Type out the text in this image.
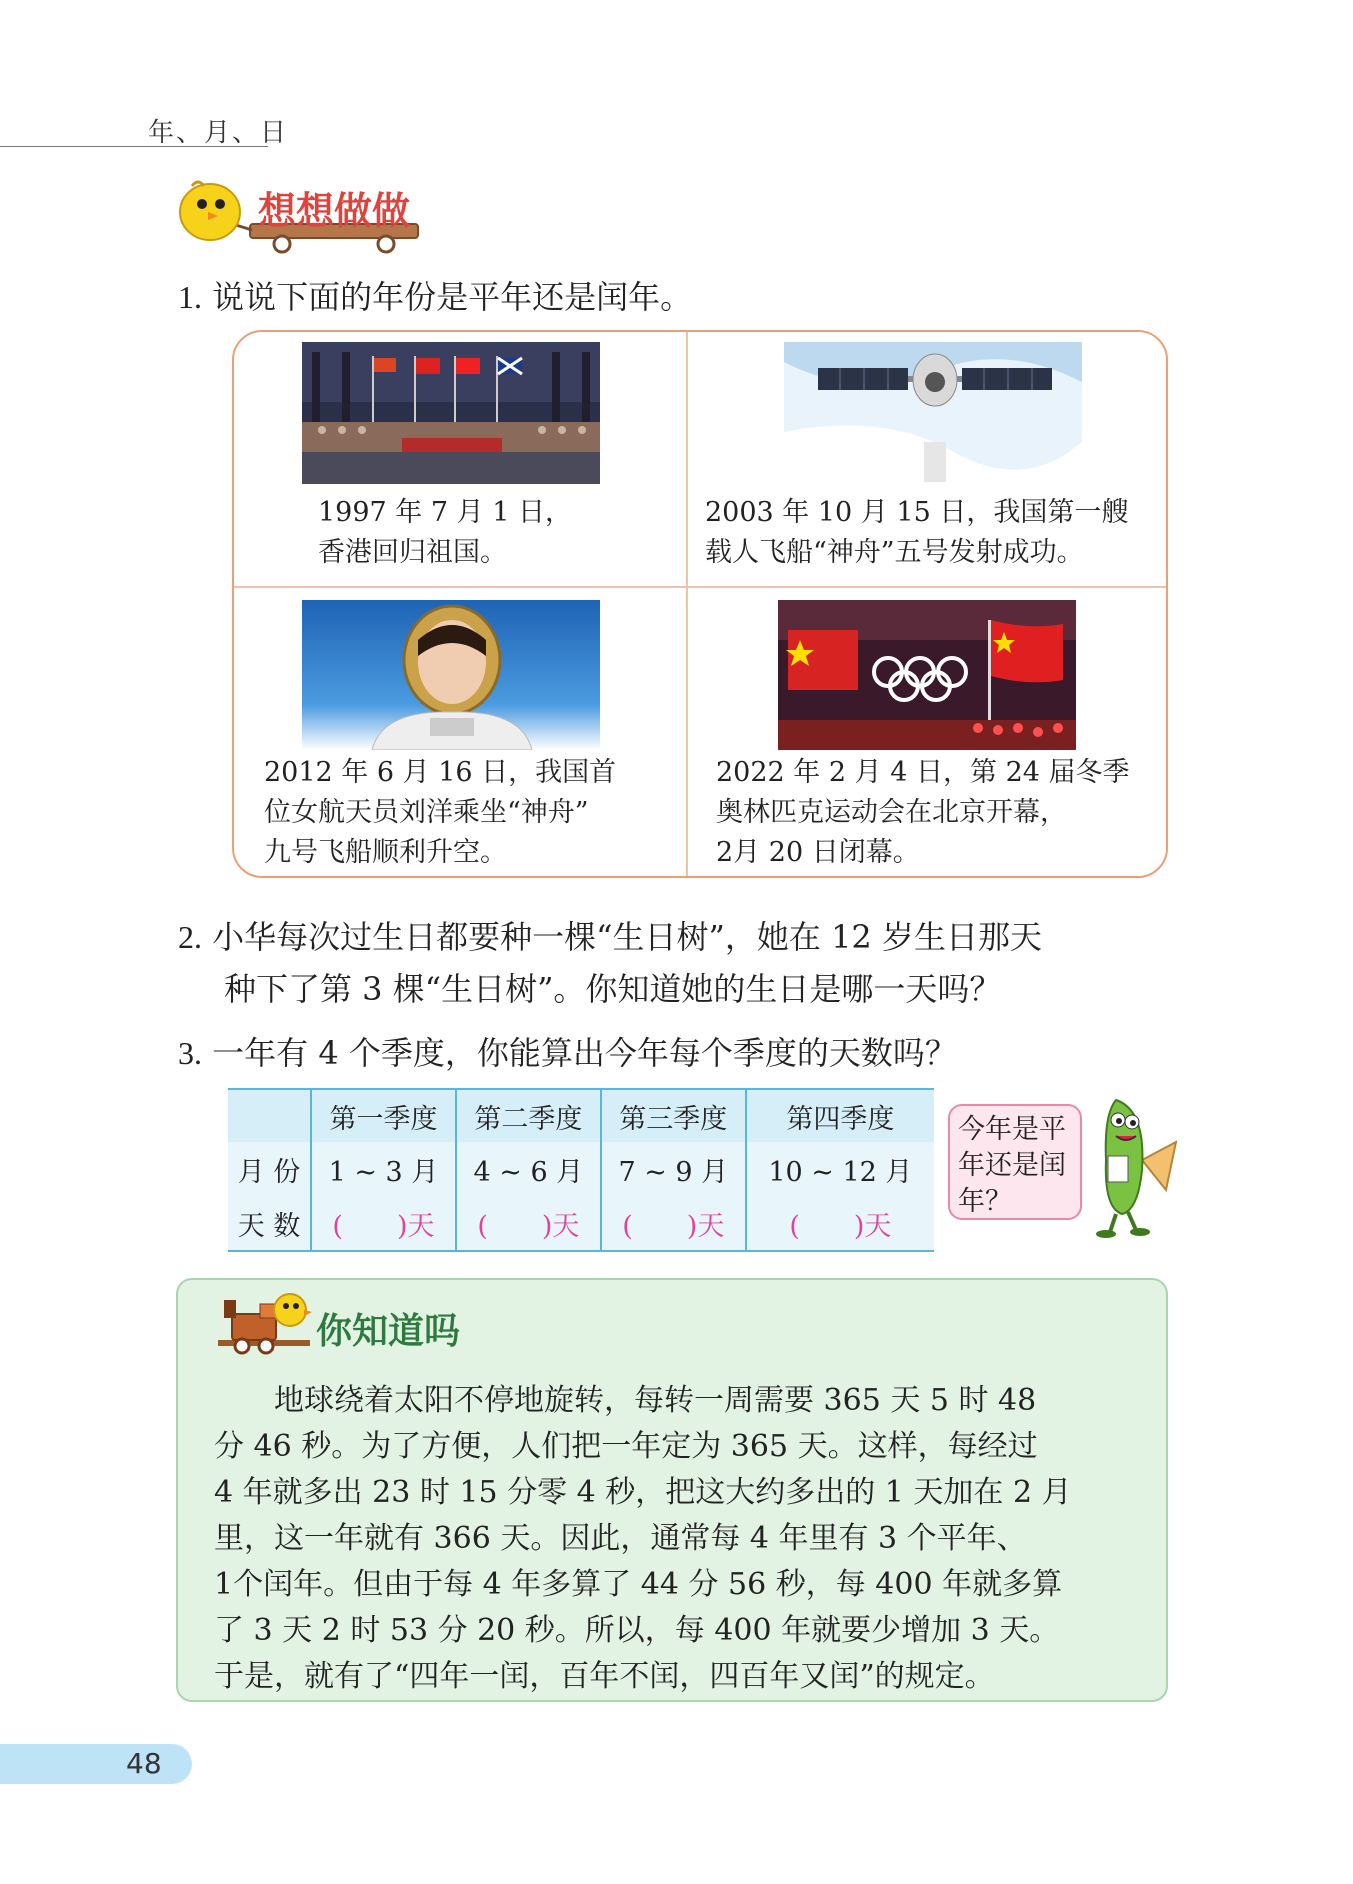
年、月、日
想想做做
1. 说说下面的年份是平年还是闰年。
1997 年 7 月 1 日，
香港回归祖国。
2003 年 10 月 15 日，我国第一艘
载人飞船“神舟”五号发射成功。
2012 年 6 月 16 日，我国首
位女航天员刘洋乘坐“神舟”
九号飞船顺利升空。
2022 年 2 月 4 日，第 24 届冬季
奥林匹克运动会在北京开幕，
2月 20 日闭幕。
2. 小华每次过生日都要种一棵“生日树”，她在 12 岁生日那天
种下了第 3 棵“生日树”。你知道她的生日是哪一天吗？
3. 一年有 4 个季度，你能算出今年每个季度的天数吗？
	第一季度	第二季度	第三季度	第四季度
月 份	1 ~ 3 月	4 ~ 6 月	7 ~ 9 月	10 ~ 12 月
天 数	(　　)天	(　　)天	(　　)天	(　　)天
今年是平
年还是闰
年？
你知道吗
　　地球绕着太阳不停地旋转，每转一周需要 365 天 5 时 48
分 46 秒。为了方便，人们把一年定为 365 天。这样，每经过
4 年就多出 23 时 15 分零 4 秒，把这大约多出的 1 天加在 2 月
里，这一年就有 366 天。因此，通常每 4 年里有 3 个平年、
1个闰年。但由于每 4 年多算了 44 分 56 秒，每 400 年就多算
了 3 天 2 时 53 分 20 秒。所以，每 400 年就要少增加 3 天。
于是，就有了“四年一闰，百年不闰，四百年又闰”的规定。
48
